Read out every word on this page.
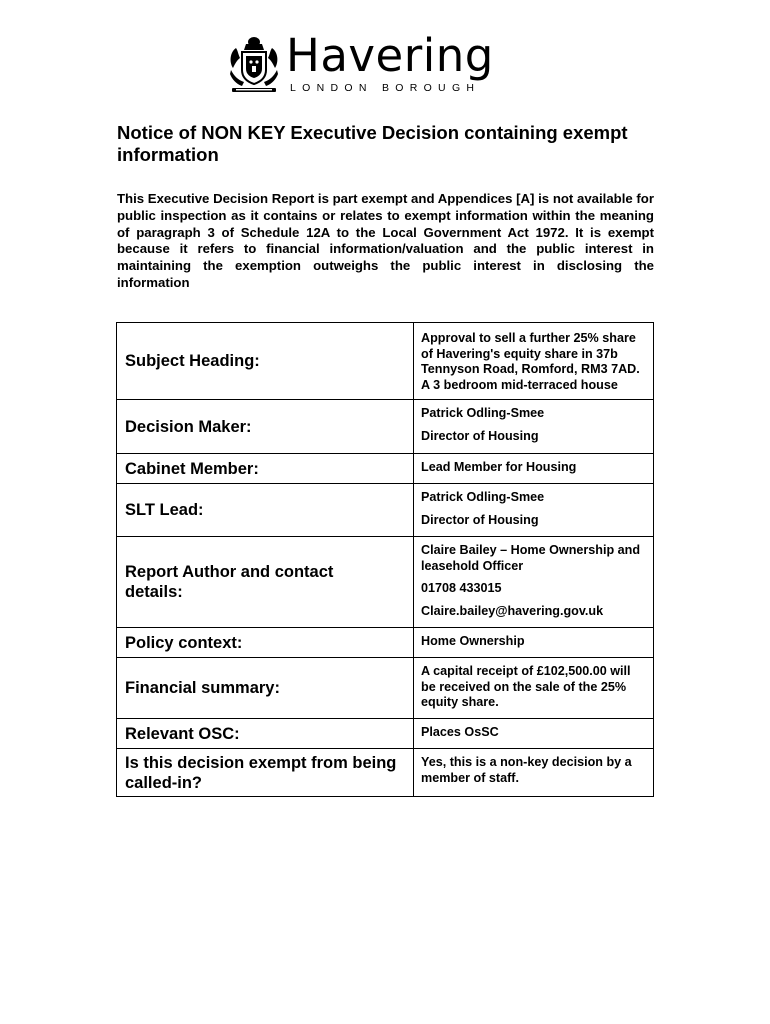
Havering
LONDON BOROUGH
Notice of NON KEY Executive Decision containing exempt information

This Executive Decision Report is part exempt and Appendices [A] is not available for public inspection as it contains or relates to exempt information within the meaning of paragraph 3 of Schedule 12A to the Local Government Act 1972. It is exempt because it refers to financial information/valuation and the public interest in maintaining the exemption outweighs the public interest in disclosing the information

Subject Heading:	Approval to sell a further 25% share of Havering's equity share in 37b Tennyson Road, Romford, RM3 7AD. A 3 bedroom mid-terraced house
Decision Maker:	Patrick Odling-Smee
Director of Housing

Cabinet Member:	Lead Member for Housing
SLT Lead:	Patrick Odling-Smee
Director of Housing

Report Author and contact details:	Claire Bailey – Home Ownership and leasehold Officer
01708 433015
Claire.bailey@havering.gov.uk

Policy context:	Home Ownership
Financial summary:	A capital receipt of £102,500.00 will be received on the sale of the 25% equity share.
Relevant OSC:	Places OsSC
Is this decision exempt from being called-in?	Yes, this is a non-key decision by a member of staff.
